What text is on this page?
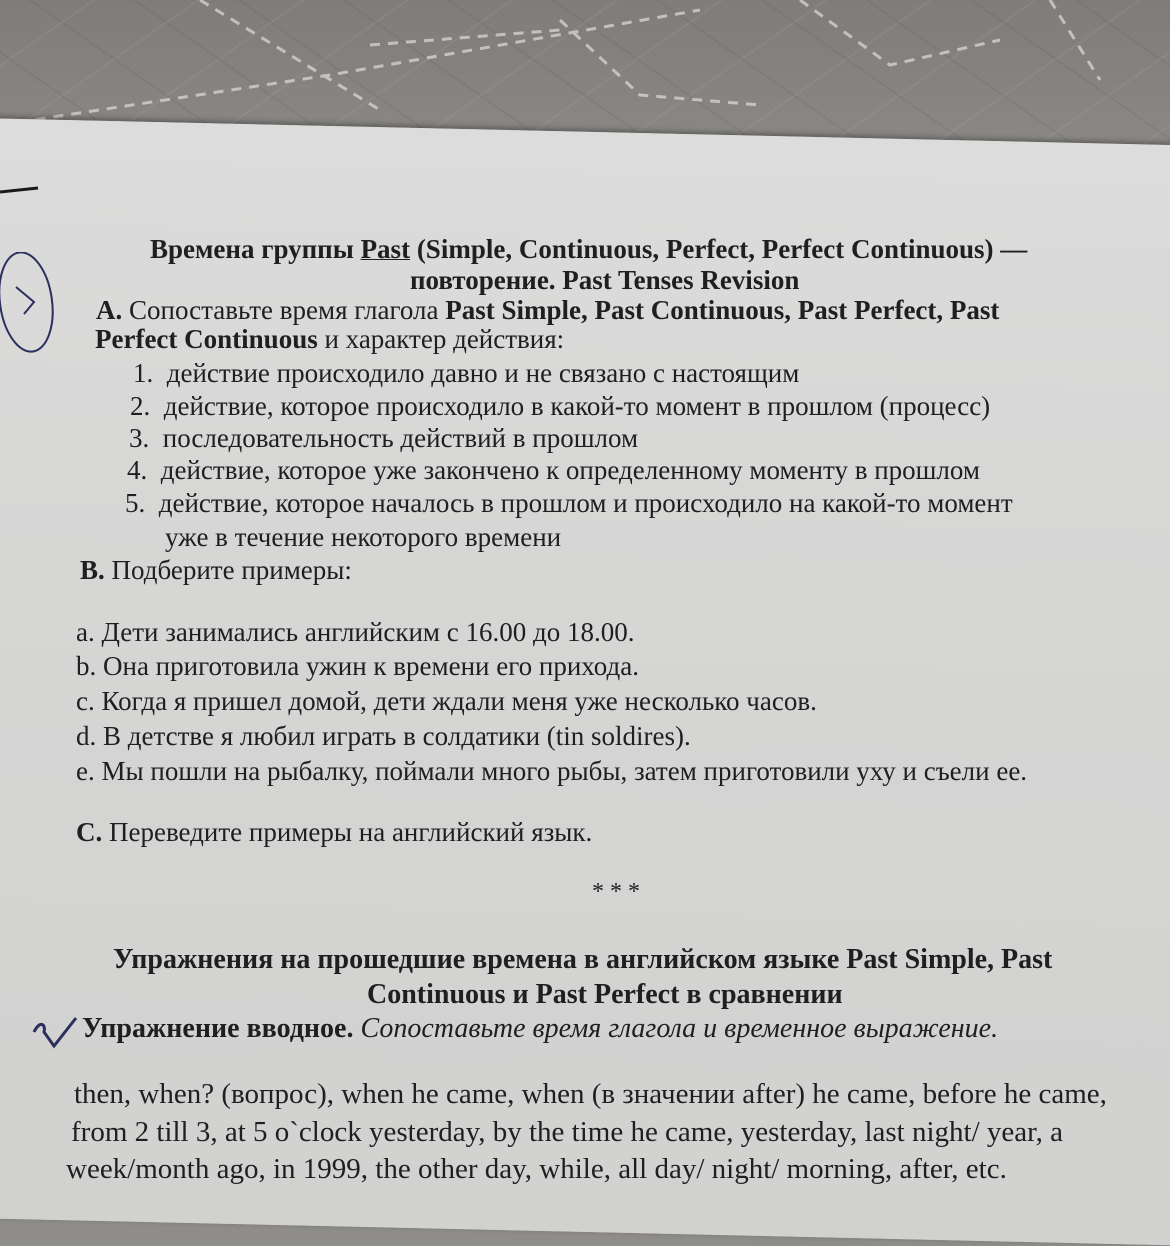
Времена группы Past (Simple, Continuous, Perfect, Perfect Continuous) —
повторение. Past Tenses Revision
А. Сопоставьте время глагола Past Simple, Past Continuous, Past Perfect, Past
Perfect Continuous и характер действия:
1. действие происходило давно и не связано с настоящим
2. действие, которое происходило в какой-то момент в прошлом (процесс)
3. последовательность действий в прошлом
4. действие, которое уже закончено к определенному моменту в прошлом
5. действие, которое началось в прошлом и происходило на какой-то момент
уже в течение некоторого времени
В. Подберите примеры:
a. Дети занимались английским с 16.00 до 18.00.
b. Она приготовила ужин к времени его прихода.
c. Когда я пришел домой, дети ждали меня уже несколько часов.
d. В детстве я любил играть в солдатики (tin soldires).
e. Мы пошли на рыбалку, поймали много рыбы, затем приготовили уху и съели ее.
С. Переведите примеры на английский язык.
* * *
Упражнения на прошедшие времена в английском языке Past Simple, Past
Continuous и Past Perfect в сравнении
Упражнение вводное. Сопоставьте время глагола и временное выражение.
then, when? (вопрос), when he came, when (в значении after) he came, before he came,
from 2 till 3, at 5 o`clock yesterday, by the time he came, yesterday, last night/ year, a
week/month ago, in 1999, the other day, while, all day/ night/ morning, after, etc.
